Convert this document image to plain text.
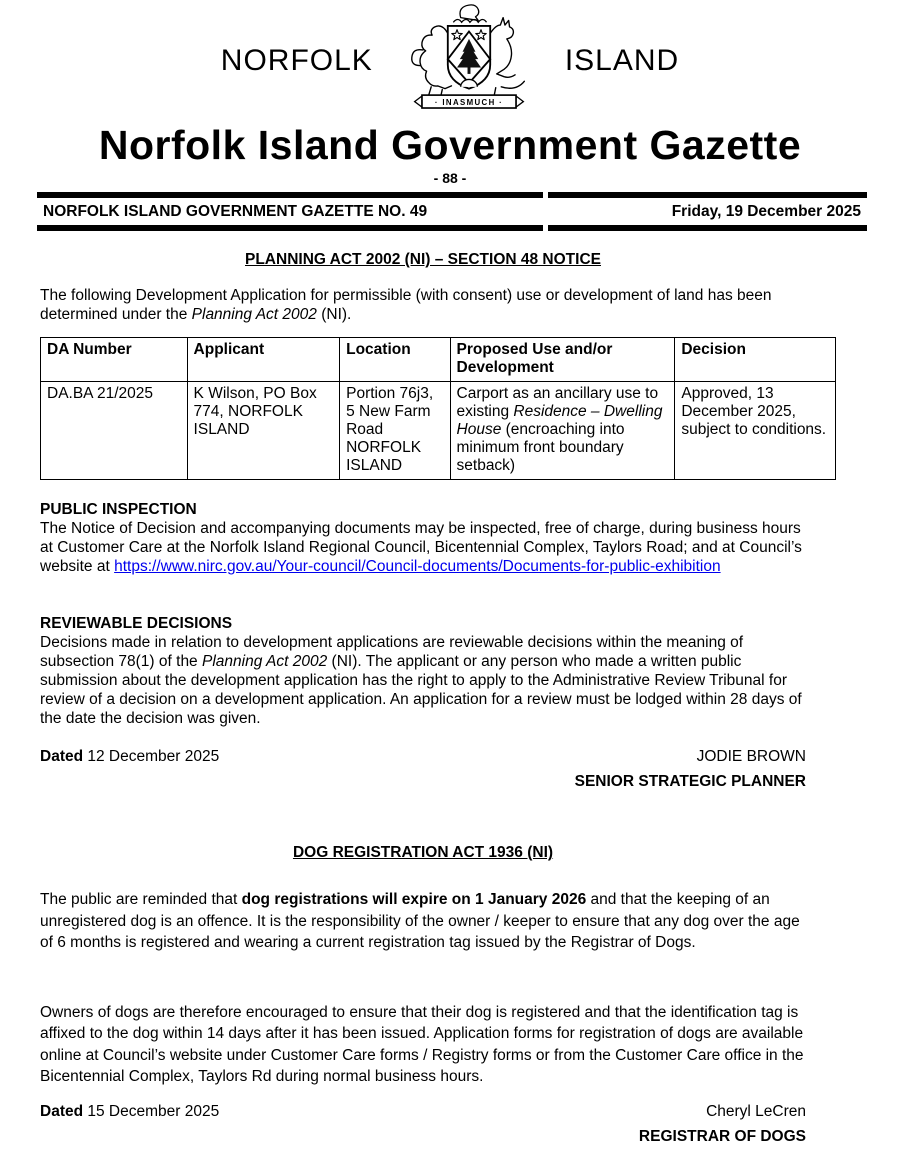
NORFOLK
· INASMUCH ·
ISLAND
Norfolk Island Government Gazette
- 88 -
NORFOLK ISLAND GOVERNMENT GAZETTE NO. 49	Friday, 19 December 2025
PLANNING ACT 2002 (NI) – SECTION 48 NOTICE

The following Development Application for permissible (with consent) use or development of land has been determined under the Planning Act 2002 (NI).

DA Number	Applicant	Location	Proposed Use and/or Development	Decision
DA.BA 21/2025	K Wilson, PO Box 774, NORFOLK ISLAND	Portion 76j3, 5 New Farm Road NORFOLK ISLAND	Carport as an ancillary use to existing Residence – Dwelling House (encroaching into minimum front boundary setback)	Approved, 13 December 2025, subject to conditions.
PUBLIC INSPECTION

The Notice of Decision and accompanying documents may be inspected, free of charge, during business hours at Customer Care at the Norfolk Island Regional Council, Bicentennial Complex, Taylors Road; and at Council’s website at https://www.nirc.gov.au/Your-council/Council-documents/Documents-for-public-exhibition

REVIEWABLE DECISIONS

Decisions made in relation to development applications are reviewable decisions within the meaning of subsection 78(1) of the Planning Act 2002 (NI). The applicant or any person who made a written public submission about the development application has the right to apply to the Administrative Review Tribunal for review of a decision on a development application. An application for a review must be lodged within 28 days of the date the decision was given.

Dated 12 December 2025	JODIE BROWN
SENIOR STRATEGIC PLANNER
DOG REGISTRATION ACT 1936 (NI)

The public are reminded that dog registrations will expire on 1 January 2026 and that the keeping of an unregistered dog is an offence. It is the responsibility of the owner / keeper to ensure that any dog over the age of 6 months is registered and wearing a current registration tag issued by the Registrar of Dogs.

Owners of dogs are therefore encouraged to ensure that their dog is registered and that the identification tag is affixed to the dog within 14 days after it has been issued. Application forms for registration of dogs are available online at Council’s website under Customer Care forms / Registry forms or from the Customer Care office in the Bicentennial Complex, Taylors Rd during normal business hours.

Dated 15 December 2025	Cheryl LeCren
REGISTRAR OF DOGS
